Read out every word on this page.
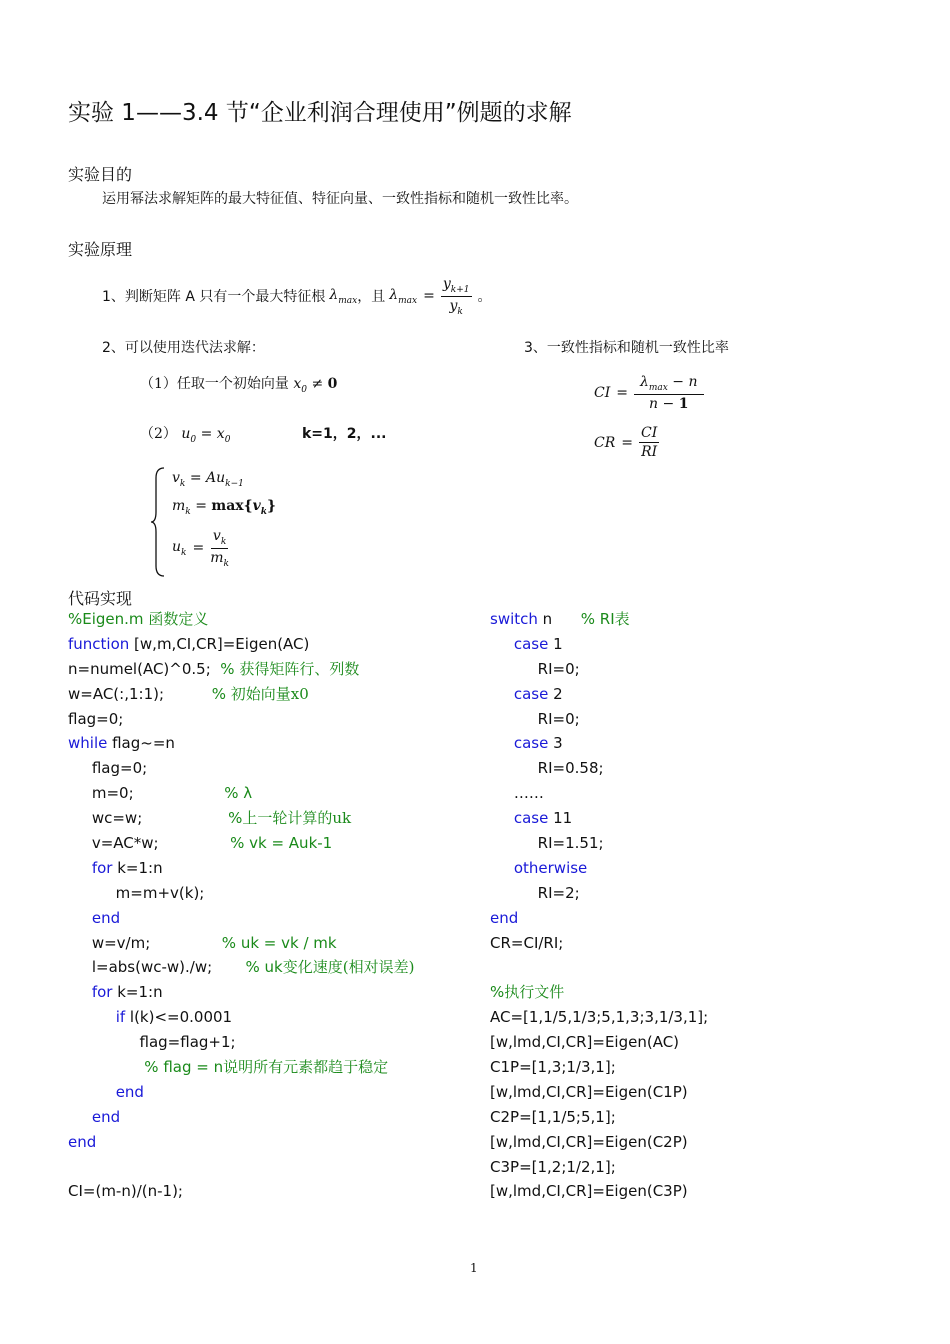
实验 1——3.4 节“企业利润合理使用”例题的求解
实验目的
运用幂法求解矩阵的最大特征值、特征向量、一致性指标和随机一致性比率。
实验原理
1、判断矩阵 A 只有一个最大特征根 $\lambda_{max}$ ，且 $\lambda_{max} = \frac{y_{k+1}}{y_k}$ 。
2、可以使用迭代法求解：	3、一致性指标和随机一致性比率
（1）任取一个初始向量 $x_0 \ne 0$
（2） $u_0 = x_0$	k=1，2，...
$v_k = Au_{k-1}$
$m_k = \max\{v_k\}$
$u_k = \frac{v_k}{m_k}$
CI = $\frac{\lambda_{max} - n}{n - 1}$
CR = $\frac{CI}{RI}$
代码实现
%Eigen.m 函数定义
function [w,m,CI,CR]=Eigen(AC)
n=numel(AC)^0.5;  % 获得矩阵行、列数
w=AC(:,1:1);          % 初始向量x0
flag=0;
while flag~=n
flag=0;
m=0;                   % λ
wc=w;                  %上一轮计算的uk
v=AC*w;               % vk = Auk-1
for k=1:n
m=m+v(k);
end
w=v/m;               % uk = vk / mk
l=abs(wc-w)./w;       % uk变化速度(相对误差)
for k=1:n
if l(k)<=0.0001
flag=flag+1;
% flag = n说明所有元素都趋于稳定
end
end
end
CI=(m-n)/(n-1);
switch n      % RI表
case 1
RI=0;
case 2
RI=0;
case 3
RI=0.58;
……
case 11
RI=1.51;
otherwise
RI=2;
end
CR=CI/RI;
%执行文件
AC=[1,1/5,1/3;5,1,3;3,1/3,1];
[w,lmd,CI,CR]=Eigen(AC)
C1P=[1,3;1/3,1];
[w,lmd,CI,CR]=Eigen(C1P)
C2P=[1,1/5;5,1];
[w,lmd,CI,CR]=Eigen(C2P)
C3P=[1,2;1/2,1];
[w,lmd,CI,CR]=Eigen(C3P)
1
